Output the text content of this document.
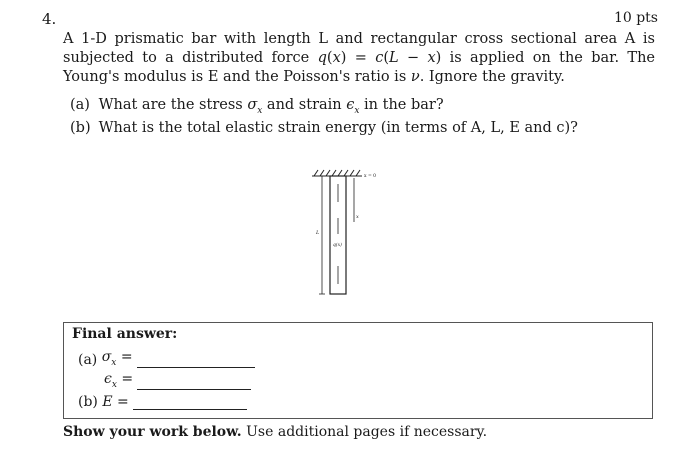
4.	10 pts
A 1-D prismatic bar with length L and rectangular cross sectional area A is subjected to a distributed force q(x) = c(L − x) is applied on the bar. The Young's modulus is E and the Poisson's ratio is ν. Ignore the gravity.
(a) What are the stress $\sigma_x$ and strain $\epsilon_x$ in the bar?
(b) What is the total elastic strain energy (in terms of A, L, E and c)?
x = 0
x
L
q(x)
Final answer:
(a)
$\sigma_x$ =
$\epsilon_x$ =
(b)
E =
Show your work below. Use additional pages if necessary.
